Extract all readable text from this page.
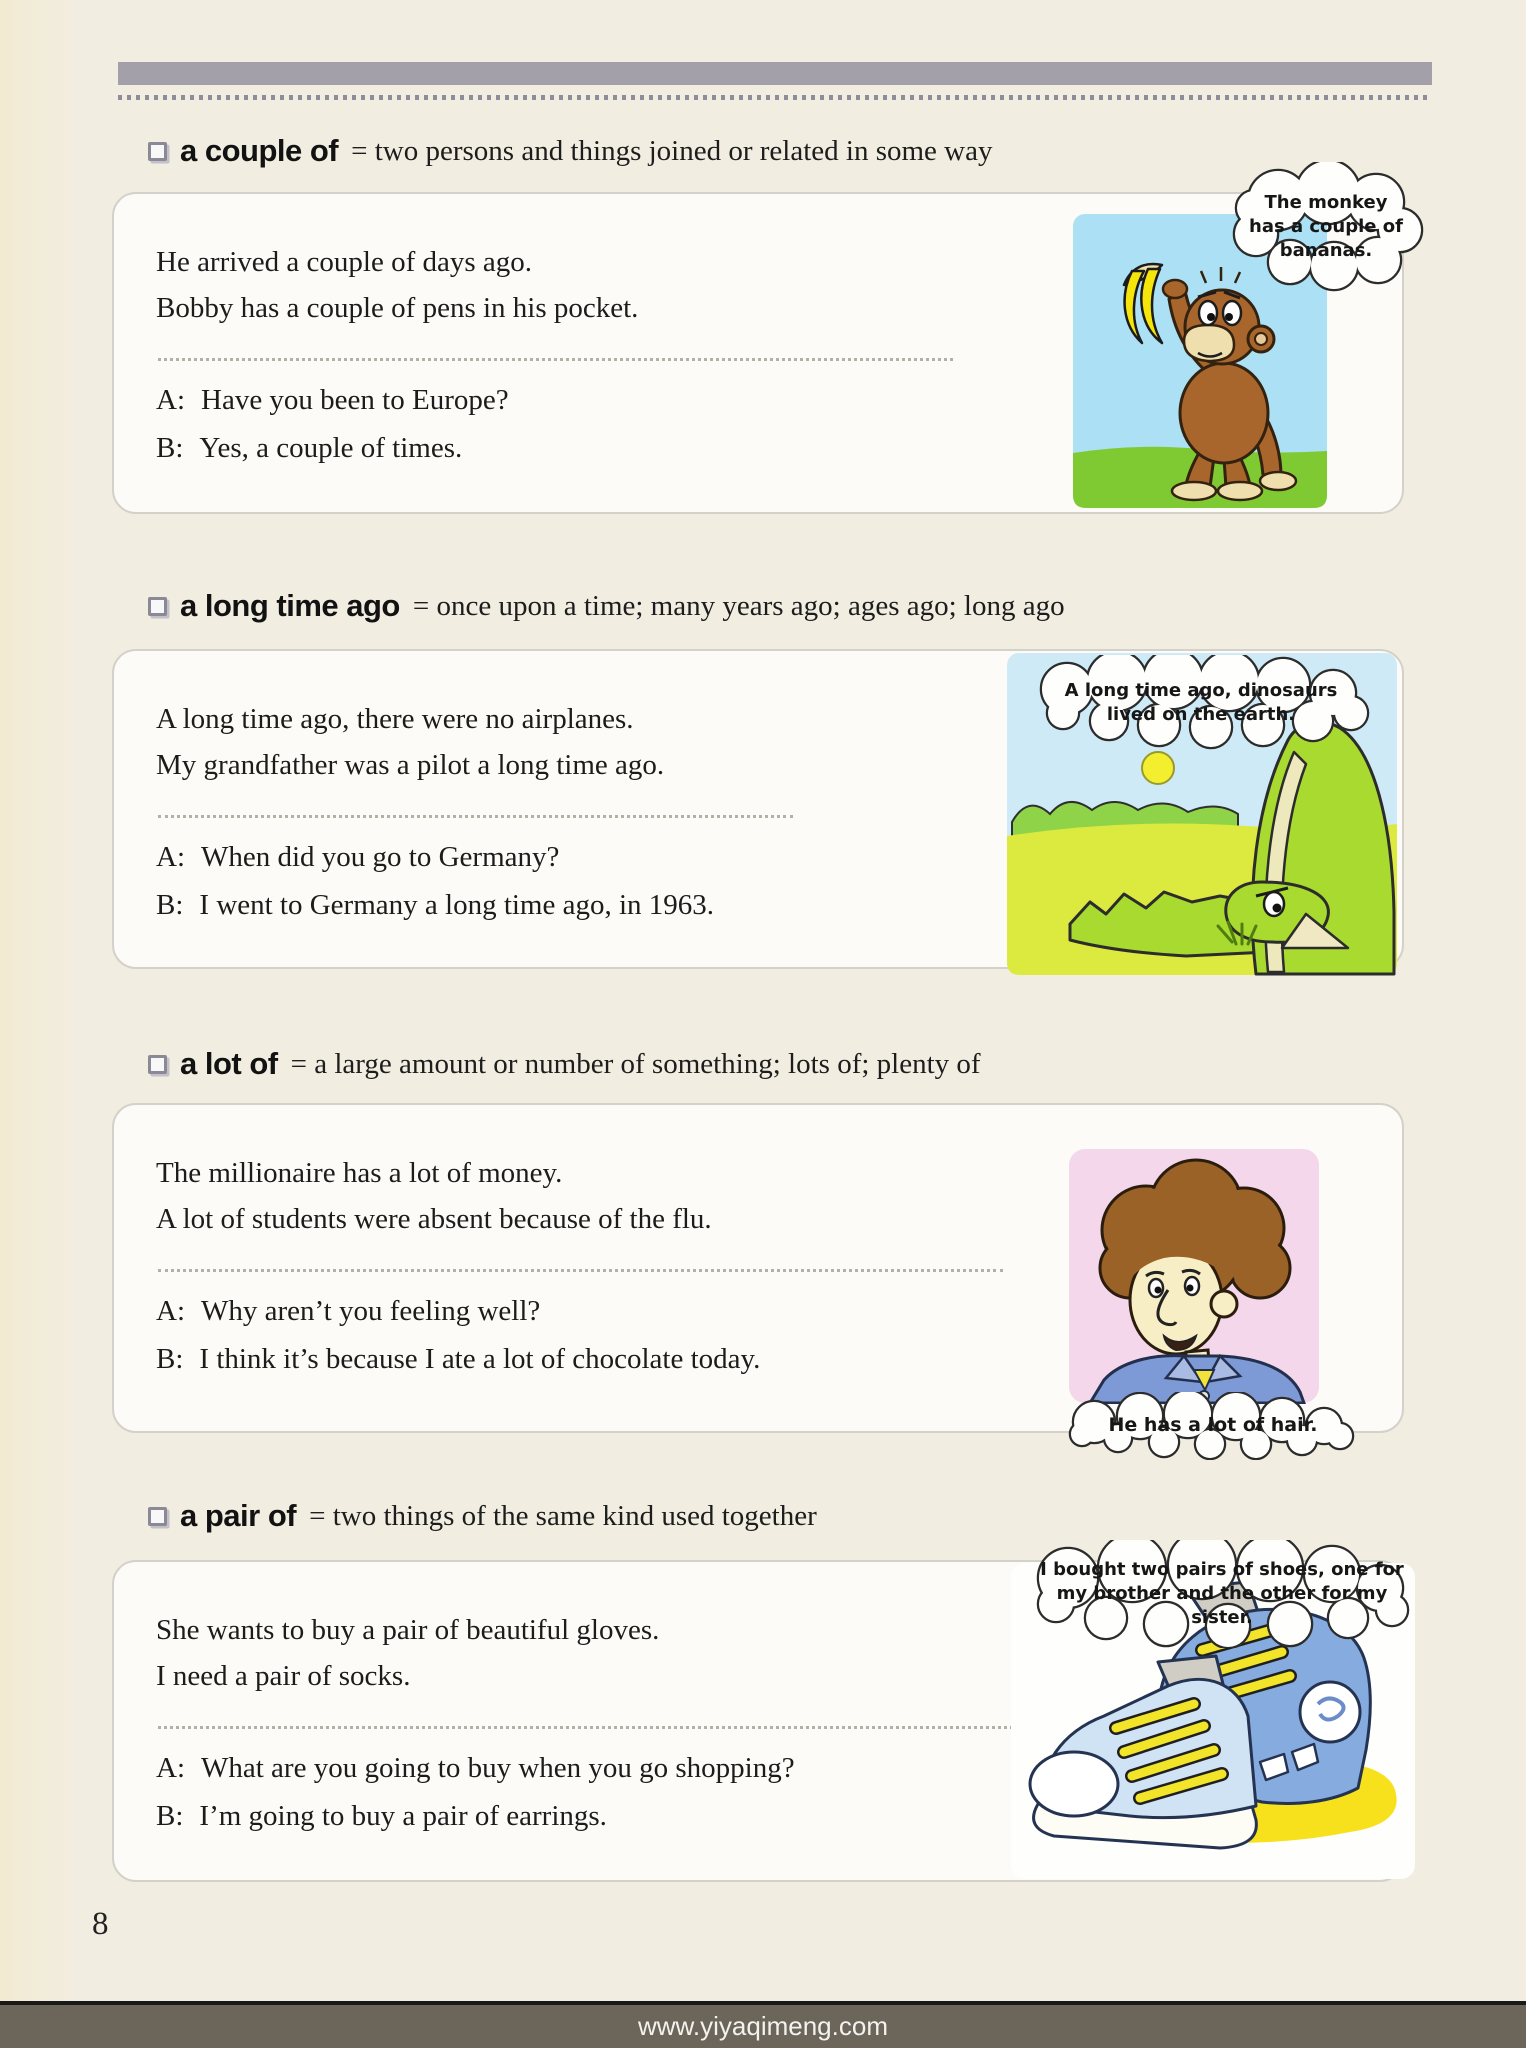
a couple of = two persons and things joined or related in some way
He arrived a couple of days ago.
Bobby has a couple of pens in his pocket.
A: Have you been to Europe?
B: Yes, a couple of times.
The monkey has a couple of bananas.
a long time ago = once upon a time; many years ago; ages ago; long ago
A long time ago, there were no airplanes.
My grandfather was a pilot a long time ago.
A: When did you go to Germany?
B: I went to Germany a long time ago, in 1963.
A long time ago, dinosaurs lived on the earth.
a lot of = a large amount or number of something; lots of; plenty of
The millionaire has a lot of money.
A lot of students were absent because of the flu.
A: Why aren’t you feeling well?
B: I think it’s because I ate a lot of chocolate today.
He has a lot of hair.
a pair of = two things of the same kind used together
She wants to buy a pair of beautiful gloves.
I need a pair of socks.
A: What are you going to buy when you go shopping?
B: I’m going to buy a pair of earrings.
I bought two pairs of shoes, one for my brother and the other for my sister.
8
www.yiyaqimeng.com
